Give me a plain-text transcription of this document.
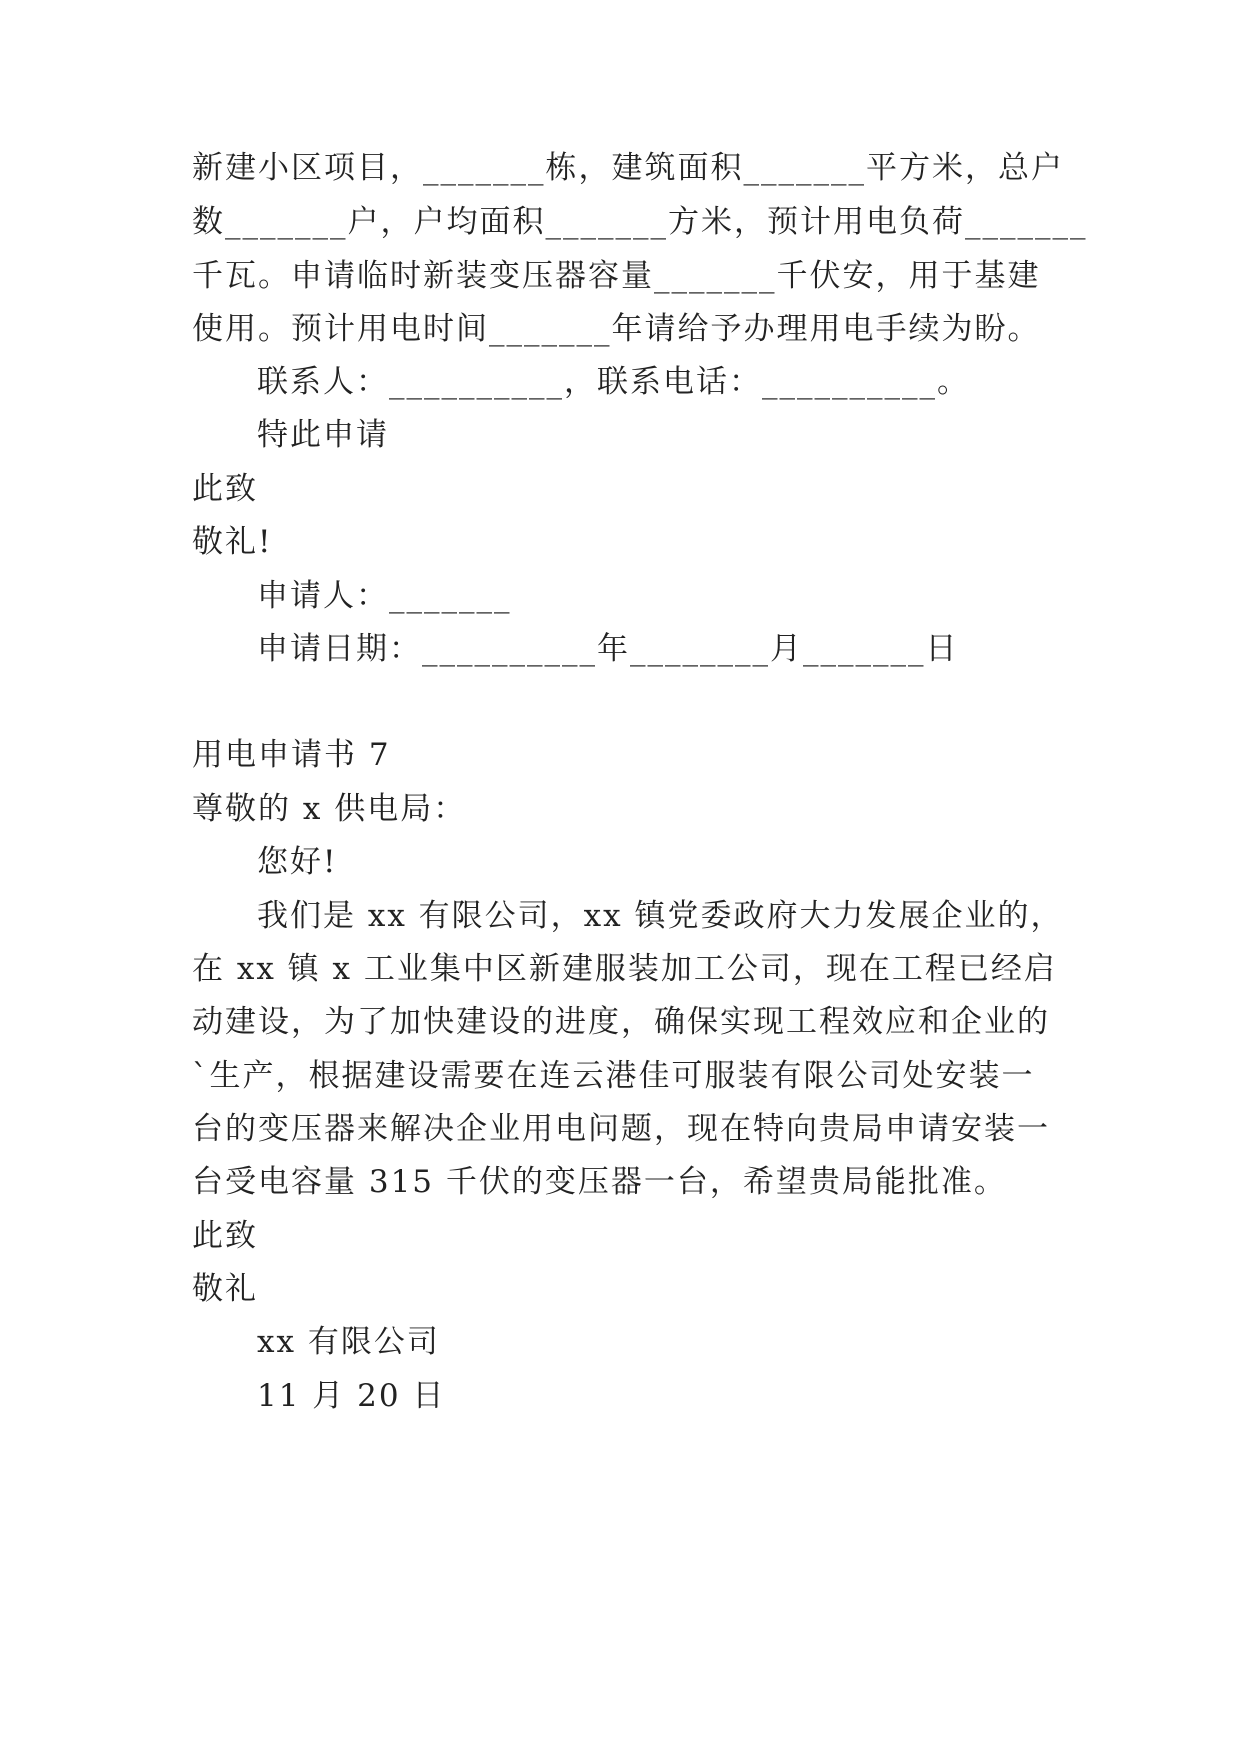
新建小区项目，_______栋，建筑面积_______平方米，总户
数_______户，户均面积_______方米，预计用电负荷_______
千瓦。申请临时新装变压器容量_______千伏安，用于基建
使用。预计用电时间_______年请给予办理用电手续为盼。
联系人：__________，联系电话：__________。
特此申请
此致
敬礼!
申请人：_______
申请日期：__________年________月_______日
用电申请书 7
尊敬的 x 供电局：
您好!
我们是 xx 有限公司，xx 镇党委政府大力发展企业的，
在 xx 镇 x 工业集中区新建服装加工公司，现在工程已经启
动建设，为了加快建设的进度，确保实现工程效应和企业的
`生产，根据建设需要在连云港佳可服装有限公司处安装一
台的变压器来解决企业用电问题，现在特向贵局申请安装一
台受电容量 315 千伏的变压器一台，希望贵局能批准。
此致
敬礼
xx 有限公司
11 月 20 日
